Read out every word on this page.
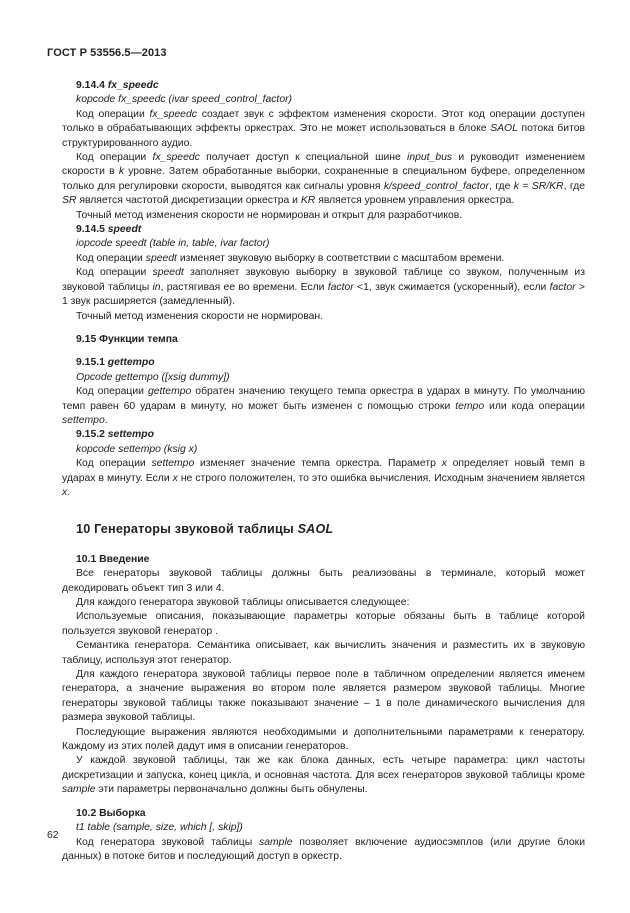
ГОСТ Р 53556.5—2013

9.14.4 fx_speedc

kopcode fx_speedc (ivar speed_control_factor)

Код операции fx_speedc создает звук с эффектом изменения скорости. Этот код операции доступен только в обрабатывающих эффекты оркестрах. Это не может использоваться в блоке SAOL потока битов структурированного аудио.

Код операции fx_speedc получает доступ к специальной шине input_bus и руководит изменением скорости в k уровне. Затем обработанные выборки, сохраненные в специальном буфере, определенном только для регулировки скорости, выводятся как сигналы уровня k/speed_control_factor, где k = SR/KR, где SR является частотой дискретизации оркестра и KR является уровнем управления оркестра.

Точный метод изменения скорости не нормирован и открыт для разработчиков.

9.14.5 speedt

iopcode speedt (table in, table, ivar factor)

Код операции speedt изменяет звуковую выборку в соответствии с масштабом времени.

Код операции speedt заполняет звуковую выборку в звуковой таблице со звуком, полученным из звуковой таблицы in, растягивая ее во времени. Если factor <1, звук сжимается (ускоренный), если factor > 1 звук расширяется (замедленный).

Точный метод изменения скорости не нормирован.

9.15 Функции темпа

9.15.1 gettempo

Opcode gettempo ([xsig dummy])

Код операции gettempo обратен значению текущего темпа оркестра в ударах в минуту. По умолчанию темп равен 60 ударам в минуту, но может быть изменен с помощью строки tempo или кода операции settempo.

9.15.2 settempo

kopcode settempo (ksig x)

Код операции settempo изменяет значение темпа оркестра. Параметр x определяет новый темп в ударах в минуту. Если x не строго положителен, то это ошибка вычисления. Исходным значением является x.

10 Генераторы звуковой таблицы SAOL

10.1 Введение

Все генераторы звуковой таблицы должны быть реализованы в терминале, который может декодировать объект тип 3 или 4.

Для каждого генератора звуковой таблицы описывается следующее:

Используемые описания, показывающие параметры которые обязаны быть в таблице которой пользуется звуковой генератор .

Семантика генератора. Семантика описывает, как вычислить значения и разместить их в звуковую таблицу, используя этот генератор.

Для каждого генератора звуковой таблицы первое поле в табличном определении является именем генератора, а значение выражения во втором поле является размером звуковой таблицы. Многие генераторы звуковой таблицы также показывают значение – 1 в поле динамического вычисления для размера звуковой таблицы.

Последующие выражения являются необходимыми и дополнительными параметрами к генератору. Каждому из этих полей дадут имя в описании генераторов.

У каждой звуковой таблицы, так же как блока данных, есть четыре параметра: цикл частоты дискретизации и запуска, конец цикла, и основная частота. Для всех генераторов звуковой таблицы кроме sample эти параметры первоначально должны быть обнулены.

10.2 Выборка

t1 table (sample, size, which [, skip])

Код генератора звуковой таблицы sample позволяет включение аудиосэмплов (или другие блоки данных) в потоке битов и последующий доступ в оркестр.

62
